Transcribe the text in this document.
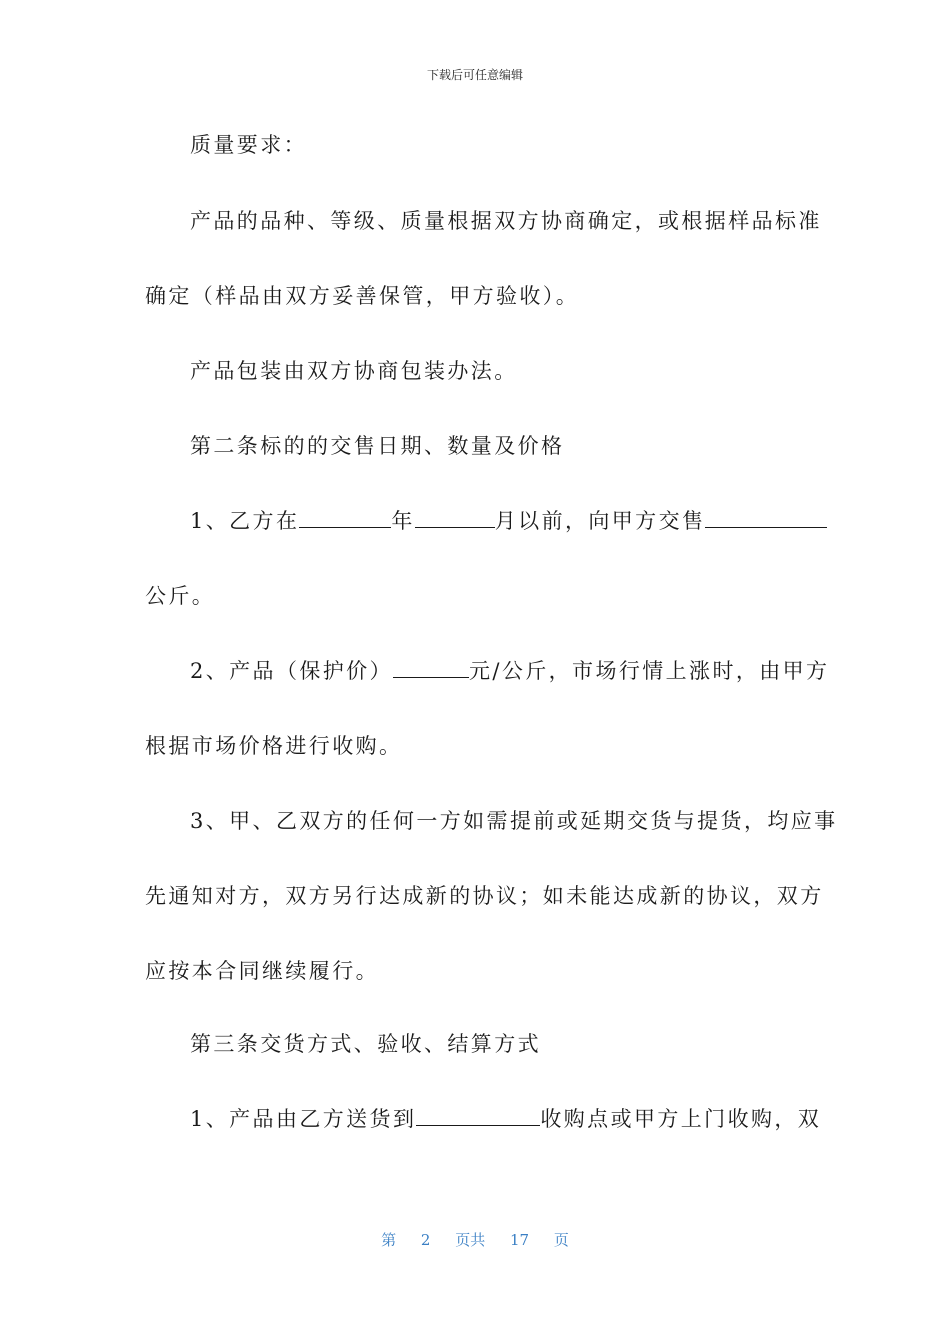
下载后可任意编辑
质量要求：
产品的品种、等级、质量根据双方协商确定，或根据样品标准
确定（样品由双方妥善保管，甲方验收）。
产品包装由双方协商包装办法。
第二条标的的交售日期、数量及价格
1、乙方在	年	月以前，向甲方交售
公斤。
2、产品（保护价）	元/公斤，市场行情上涨时，由甲方
根据市场价格进行收购。
3、甲、乙双方的任何一方如需提前或延期交货与提货，均应事
先通知对方，双方另行达成新的协议；如未能达成新的协议，双方
应按本合同继续履行。
第三条交货方式、验收、结算方式
1、产品由乙方送货到	收购点或甲方上门收购，双
第 2 页共 17 页
